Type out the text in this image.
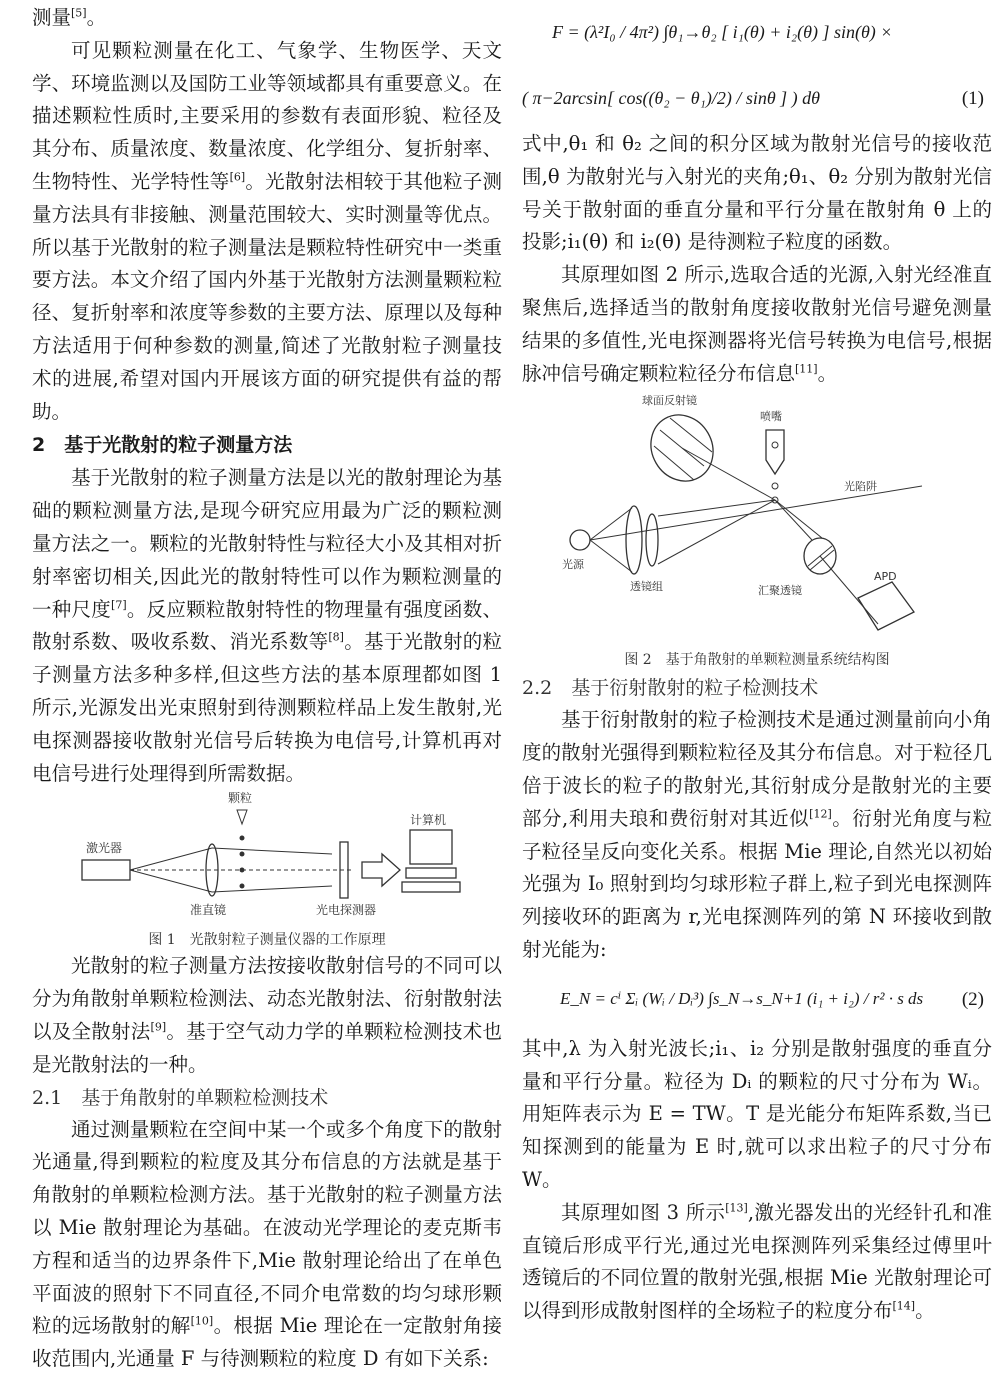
测量[5]。

可见颗粒测量在化工、气象学、生物医学、天文学、环境监测以及国防工业等领域都具有重要意义。在描述颗粒性质时,主要采用的参数有表面形貌、粒径及其分布、质量浓度、数量浓度、化学组分、复折射率、生物特性、光学特性等[6]。光散射法相较于其他粒子测量方法具有非接触、测量范围较大、实时测量等优点。所以基于光散射的粒子测量法是颗粒特性研究中一类重要方法。本文介绍了国内外基于光散射方法测量颗粒粒径、复折射率和浓度等参数的主要方法、原理以及每种方法适用于何种参数的测量,简述了光散射粒子测量技术的进展,希望对国内开展该方面的研究提供有益的帮助。

2　基于光散射的粒子测量方法

基于光散射的粒子测量方法是以光的散射理论为基础的颗粒测量方法,是现今研究应用最为广泛的颗粒测量方法之一。颗粒的光散射特性与粒径大小及其相对折射率密切相关,因此光的散射特性可以作为颗粒测量的一种尺度[7]。反应颗粒散射特性的物理量有强度函数、散射系数、吸收系数、消光系数等[8]。基于光散射的粒子测量方法多种多样,但这些方法的基本原理都如图 1 所示,光源发出光束照射到待测颗粒样品上发生散射,光电探测器接收散射光信号后转换为电信号,计算机再对电信号进行处理得到所需数据。

激光器
准直镜
颗粒
光电探测器
计算机
图 1　光散射粒子测量仪器的工作原理

光散射的粒子测量方法按接收散射信号的不同可以分为角散射单颗粒检测法、动态光散射法、衍射散射法以及全散射法[9]。基于空气动力学的单颗粒检测技术也是光散射法的一种。

2.1　基于角散射的单颗粒检测技术

通过测量颗粒在空间中某一个或多个角度下的散射光通量,得到颗粒的粒度及其分布信息的方法就是基于角散射的单颗粒检测方法。基于光散射的粒子测量方法以 Mie 散射理论为基础。在波动光学理论的麦克斯韦方程和适当的边界条件下,Mie 散射理论给出了在单色平面波的照射下不同直径,不同介电常数的均匀球形颗粒的远场散射的解[10]。根据 Mie 理论在一定散射角接收范围内,光通量 F 与待测颗粒的粒度 D 有如下关系:

F = (λ²I₀ / 4π²) ∫θ₁→θ₂ [ i₁(θ) + i₂(θ) ] sin(θ) ×
( π−2arcsin[ cos((θ₂ − θ₁)/2) / sinθ ] ) dθ	(1)

式中,θ₁ 和 θ₂ 之间的积分区域为散射光信号的接收范围,θ 为散射光与入射光的夹角;θ₁、θ₂ 分别为散射光信号关于散射面的垂直分量和平行分量在散射角 θ 上的投影;i₁(θ) 和 i₂(θ) 是待测粒子粒度的函数。

其原理如图 2 所示,选取合适的光源,入射光经准直聚焦后,选择适当的散射角度接收散射光信号避免测量结果的多值性,光电探测器将光信号转换为电信号,根据脉冲信号确定颗粒粒径分布信息[11]。

球面反射镜
喷嘴
光陷阱
光源
透镜组	汇聚透镜
APD
图 2　基于角散射的单颗粒测量系统结构图
2.2　基于衍射散射的粒子检测技术

基于衍射散射的粒子检测技术是通过测量前向小角度的散射光强得到颗粒粒径及其分布信息。对于粒径几倍于波长的粒子的散射光,其衍射成分是散射光的主要部分,利用夫琅和费衍射对其近似[12]。衍射光角度与粒子粒径呈反向变化关系。根据 Mie 理论,自然光以初始光强为 I₀ 照射到均匀球形粒子群上,粒子到光电探测阵列接收环的距离为 r,光电探测阵列的第 N 环接收到散射光能为:

E_N = cⁱ Σᵢ (Wᵢ / Dᵢ³) ∫s_N→s_N+1 (i₁ + i₂) / r² · s ds (2)

其中,λ 为入射光波长;i₁、i₂ 分别是散射强度的垂直分量和平行分量。粒径为 Dᵢ 的颗粒的尺寸分布为 Wᵢ。用矩阵表示为 E = TW。T 是光能分布矩阵系数,当已知探测到的能量为 E 时,就可以求出粒子的尺寸分布 W。

其原理如图 3 所示[13],激光器发出的光经针孔和准直镜后形成平行光,通过光电探测阵列采集经过傅里叶透镜后的不同位置的散射光强,根据 Mie 光散射理论可以得到形成散射图样的全场粒子的粒度分布[14]。
